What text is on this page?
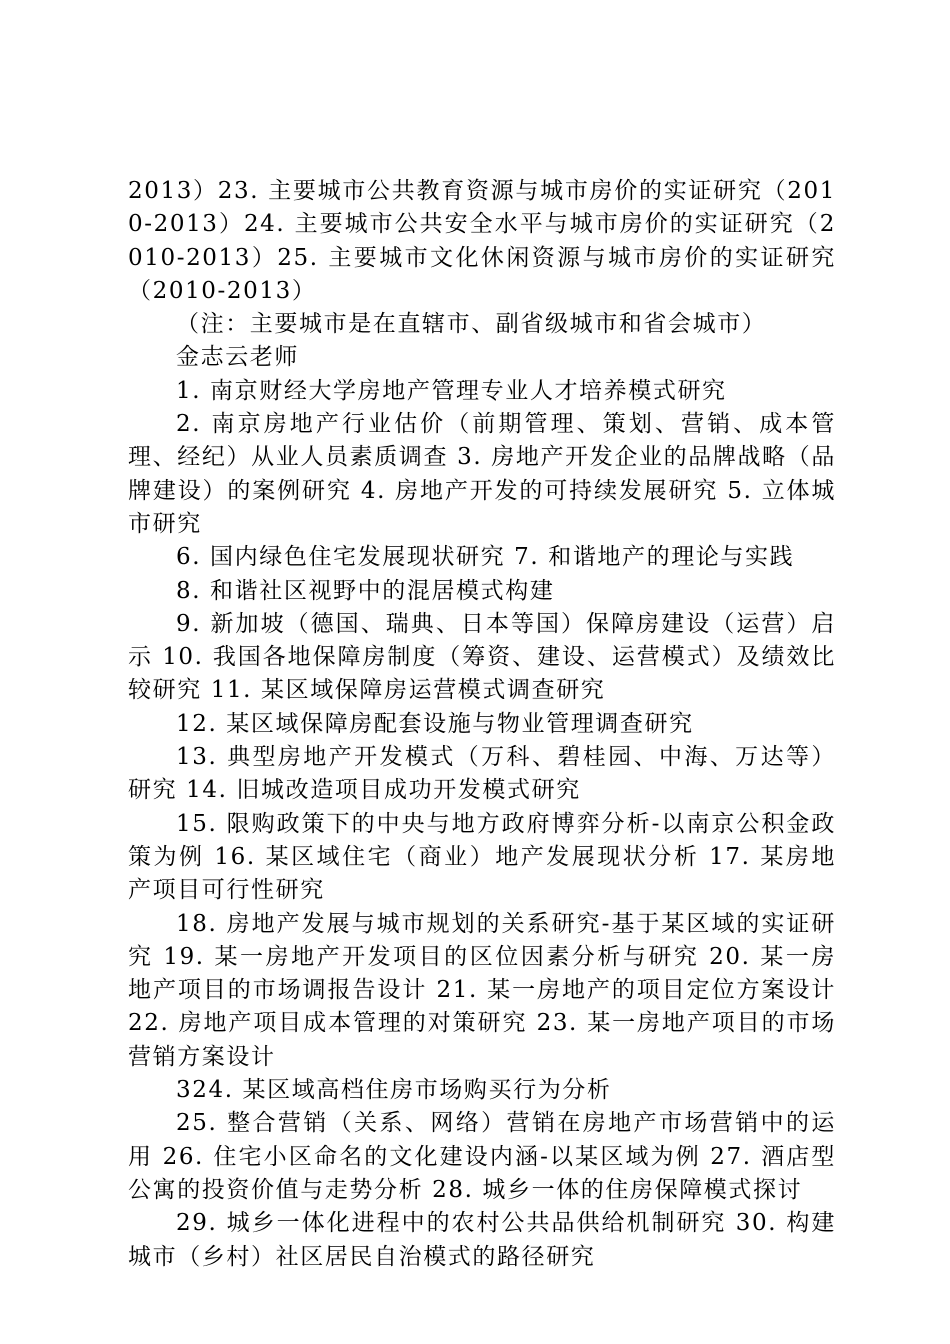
2013）23. 主要城市公共教育资源与城市房价的实证研究（2010-2013）24. 主要城市公共安全水平与城市房价的实证研究（2010-2013）25. 主要城市文化休闲资源与城市房价的实证研究（2010-2013）

（注：主要城市是在直辖市、副省级城市和省会城市）

金志云老师

1. 南京财经大学房地产管理专业人才培养模式研究

2. 南京房地产行业估价（前期管理、策划、营销、成本管理、经纪）从业人员素质调查 3. 房地产开发企业的品牌战略（品牌建设）的案例研究 4. 房地产开发的可持续发展研究 5. 立体城市研究

6. 国内绿色住宅发展现状研究 7. 和谐地产的理论与实践

8. 和谐社区视野中的混居模式构建

9. 新加坡（德国、瑞典、日本等国）保障房建设（运营）启示 10. 我国各地保障房制度（筹资、建设、运营模式）及绩效比较研究 11. 某区域保障房运营模式调查研究

12. 某区域保障房配套设施与物业管理调查研究

13. 典型房地产开发模式（万科、碧桂园、中海、万达等）研究 14. 旧城改造项目成功开发模式研究

15. 限购政策下的中央与地方政府博弈分析-以南京公积金政策为例 16. 某区域住宅（商业）地产发展现状分析 17. 某房地产项目可行性研究

18. 房地产发展与城市规划的关系研究-基于某区域的实证研究 19. 某一房地产开发项目的区位因素分析与研究 20. 某一房地产项目的市场调报告设计 21. 某一房地产的项目定位方案设计 22. 房地产项目成本管理的对策研究 23. 某一房地产项目的市场营销方案设计

324. 某区域高档住房市场购买行为分析

25. 整合营销（关系、网络）营销在房地产市场营销中的运用 26. 住宅小区命名的文化建设内涵-以某区域为例 27. 酒店型公寓的投资价值与走势分析 28. 城乡一体的住房保障模式探讨

29. 城乡一体化进程中的农村公共品供给机制研究 30. 构建城市（乡村）社区居民自治模式的路径研究
